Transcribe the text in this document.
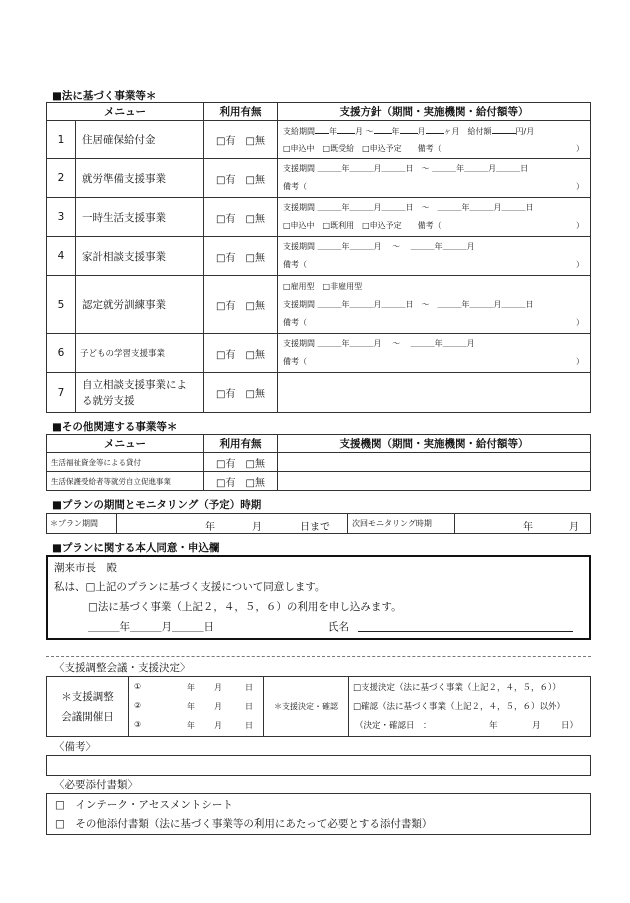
■法に基づく事業等＊
メニュー		利用有無	支援方針（期間・実施機関・給付額等）
1	住居確保給付金	□有　□無	支給期間 年 月 〜 年 月 ヶ月　給付額 円/月
□申込中　□既受給　□申込予定　　備考（ ）

2	就労準備支援事業	□有　□無	支援期間 ＿＿＿年＿＿＿月＿＿＿日　〜 ＿＿＿年＿＿＿月＿＿＿日
備考（ ）

3	一時生活支援事業	□有　□無	支援期間 ＿＿＿年＿＿＿月＿＿＿日　〜　＿＿＿年＿＿＿月＿＿＿日
□申込中　□既利用　□申込予定　　備考（ ）

4	家計相談支援事業	□有　□無	支援期間 ＿＿＿年＿＿＿月　 〜　 ＿＿＿年＿＿＿月
備考（ ）

5	認定就労訓練事業	□有　□無	□雇用型　□非雇用型
支援期間 ＿＿＿年＿＿＿月＿＿＿日　〜　＿＿＿年＿＿＿月＿＿＿日
備考（ ）

6	子どもの学習支援事業	□有　□無	支援期間 ＿＿＿年＿＿＿月　 〜　 ＿＿＿年＿＿＿月
備考（ ）

7	自立相談支援事業によ
る就労支援	□有　□無	
■その他関連する事業等＊
メニュー	利用有無	支援機関（期間・実施機関・給付額等）
生活福祉資金等による貸付	□有　□無	
生活保護受給者等就労自立促進事業	□有　□無	
■プランの期間とモニタリング（予定）時期
＊プラン期間	年	月	日まで	次回モニタリング時期	年	月
■プランに関する本人同意・申込欄
潮来市長　殿
私は、□上記のプランに基づく支援について同意します。
□法に基づく事業（上記２，４，５，６）の利用を申し込みます。
＿＿＿年＿＿＿月＿＿＿日	氏名
〈支援調整会議・支援決定〉
＊支援調整
会議開催日	
①	年 月	日
②	年 月	日
③	年 月	日
	＊支援決定・確認	
□支援決定（法に基づく事業（上記２，４，５，６））
□確認（法に基づく事業（上記２，４，５，６）以外）
（決定・確認日　：	年	月 日）
〈備考〉
〈必要添付書類〉
□　インテーク・アセスメントシート
□　その他添付書類（法に基づく事業等の利用にあたって必要とする添付書類）
